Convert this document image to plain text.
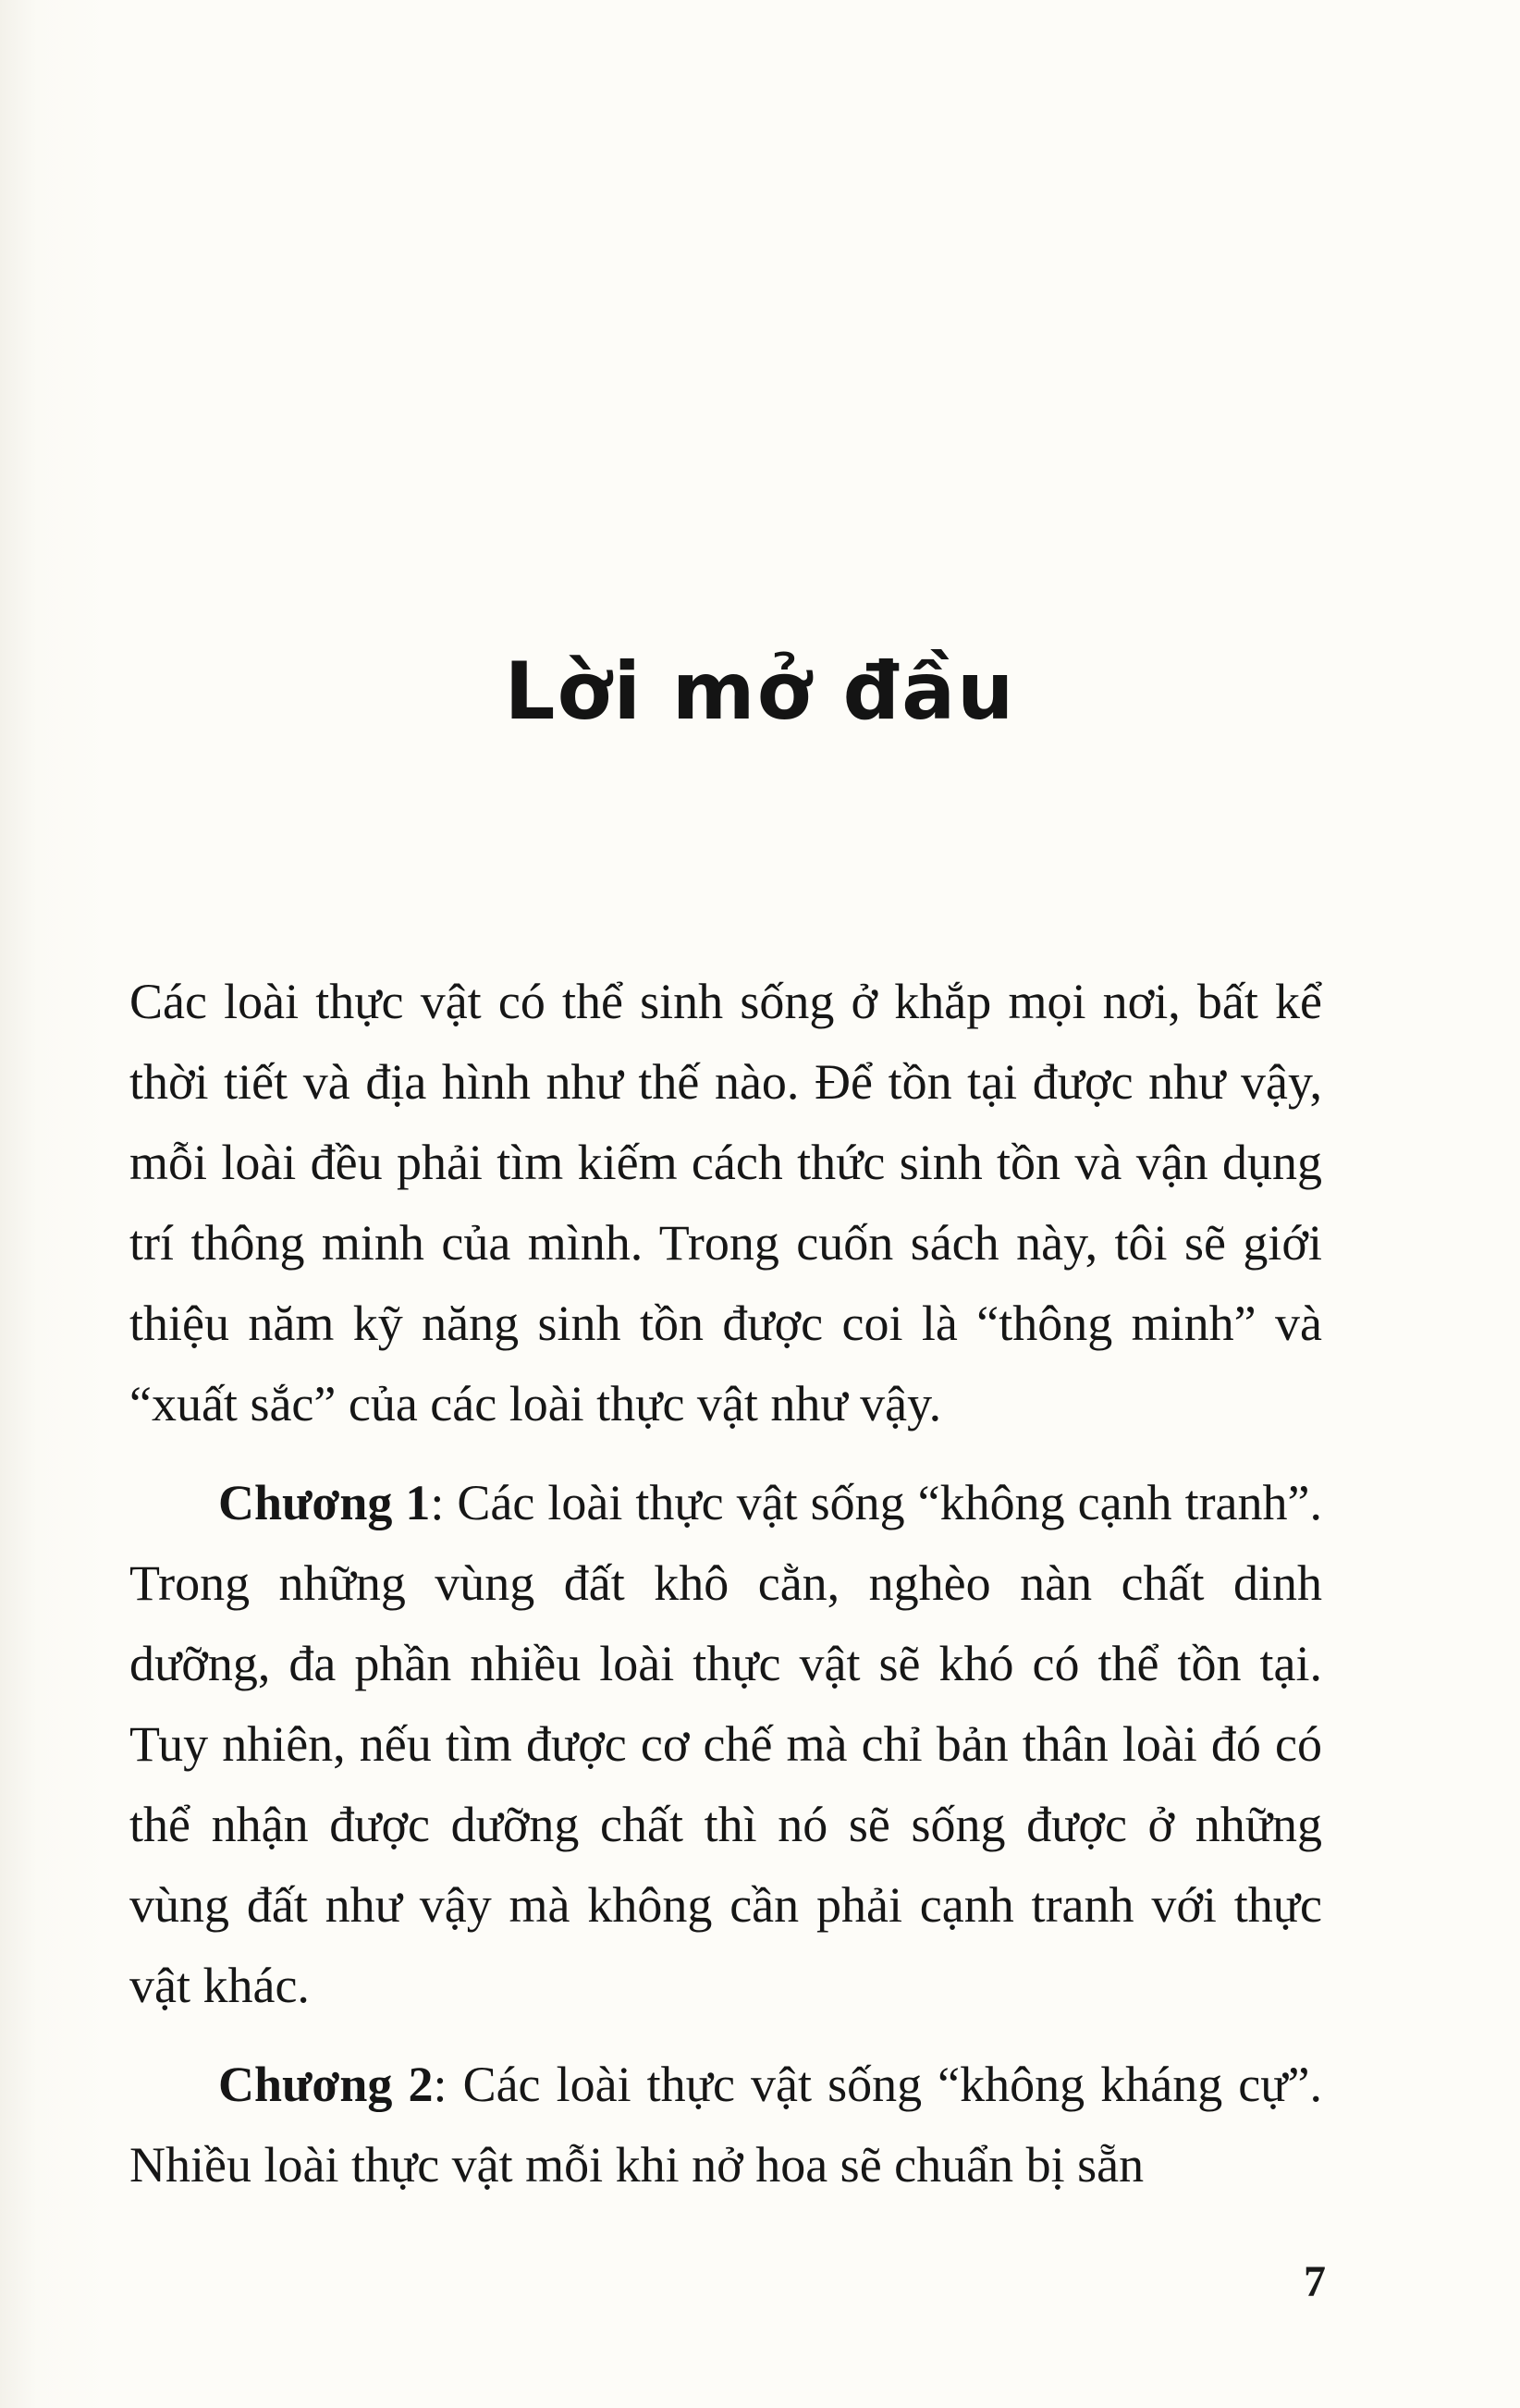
Lời mở đầu

Các loài thực vật có thể sinh sống ở khắp mọi nơi, bất kể thời tiết và địa hình như thế nào. Để tồn tại được như vậy, mỗi loài đều phải tìm kiếm cách thức sinh tồn và vận dụng trí thông minh của mình. Trong cuốn sách này, tôi sẽ giới thiệu năm kỹ năng sinh tồn được coi là “thông minh” và “xuất sắc” của các loài thực vật như vậy.

Chương 1: Các loài thực vật sống “không cạnh tranh”. Trong những vùng đất khô cằn, nghèo nàn chất dinh dưỡng, đa phần nhiều loài thực vật sẽ khó có thể tồn tại. Tuy nhiên, nếu tìm được cơ chế mà chỉ bản thân loài đó có thể nhận được dưỡng chất thì nó sẽ sống được ở những vùng đất như vậy mà không cần phải cạnh tranh với thực vật khác.

Chương 2: Các loài thực vật sống “không kháng cự”. Nhiều loài thực vật mỗi khi nở hoa sẽ chuẩn bị sẵn

7
